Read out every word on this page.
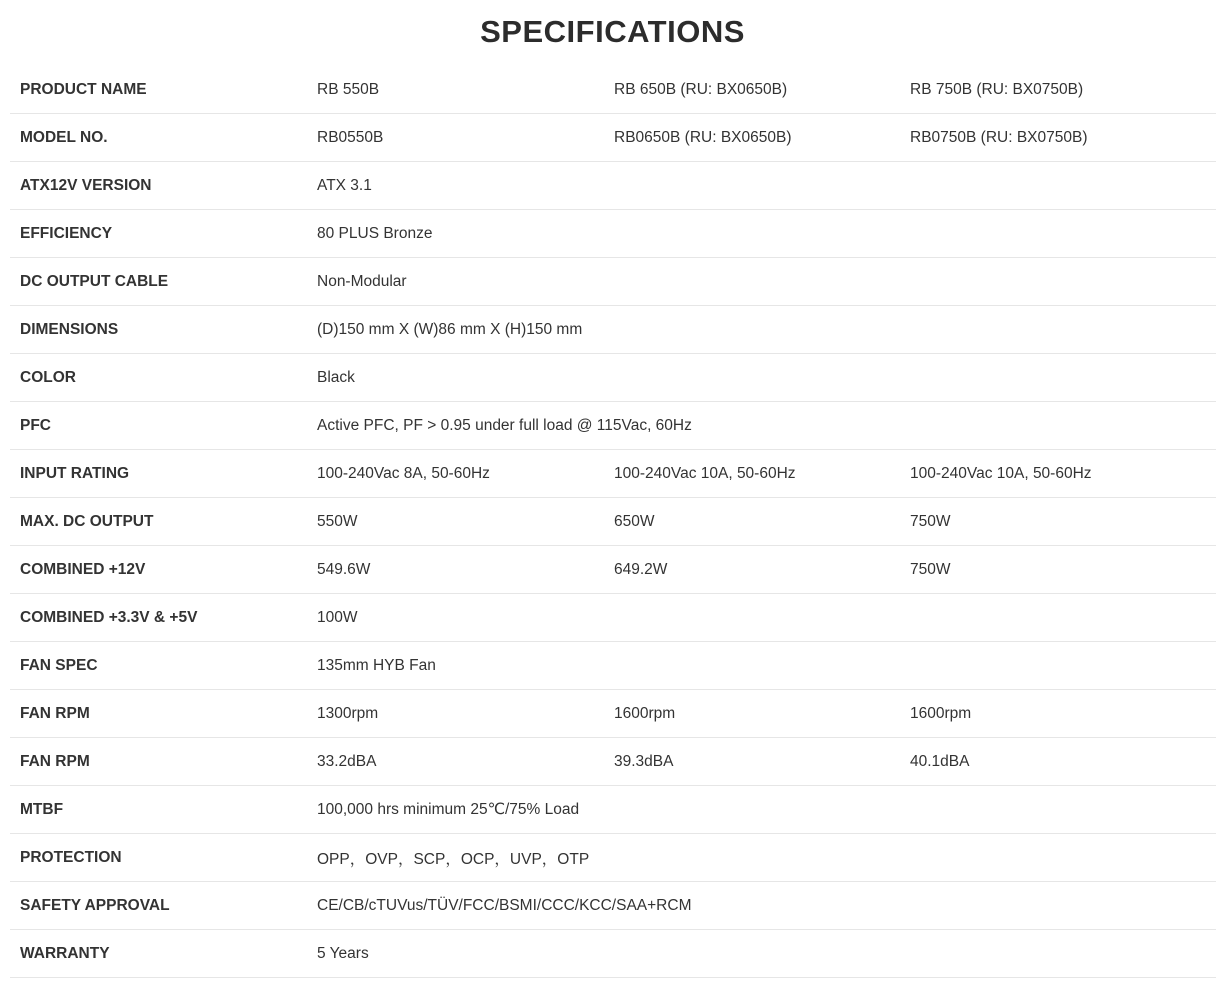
SPECIFICATIONS
PRODUCT NAME	RB 550B	RB 650B (RU: BX0650B)	RB 750B (RU: BX0750B)
MODEL NO.	RB0550B	RB0650B (RU: BX0650B)	RB0750B (RU: BX0750B)
ATX12V VERSION	ATX 3.1		
EFFICIENCY	80 PLUS Bronze		
DC OUTPUT CABLE	Non-Modular		
DIMENSIONS	(D)150 mm X (W)86 mm X (H)150 mm		
COLOR	Black		
PFC	Active PFC, PF > 0.95 under full load @ 115Vac, 60Hz		
INPUT RATING	100-240Vac 8A, 50-60Hz	100-240Vac 10A, 50-60Hz	100-240Vac 10A, 50-60Hz
MAX. DC OUTPUT	550W	650W	750W
COMBINED +12V	549.6W	649.2W	750W
COMBINED +3.3V & +5V	100W		
FAN SPEC	135mm HYB Fan		
FAN RPM	1300rpm	1600rpm	1600rpm
FAN RPM	33.2dBA	39.3dBA	40.1dBA
MTBF	100,000 hrs minimum 25℃/75% Load		
PROTECTION	OPP，OVP，SCP，OCP，UVP，OTP		
SAFETY APPROVAL	CE/CB/cTUVus/TÜV/FCC/BSMI/CCC/KCC/SAA+RCM		
WARRANTY	5 Years		
